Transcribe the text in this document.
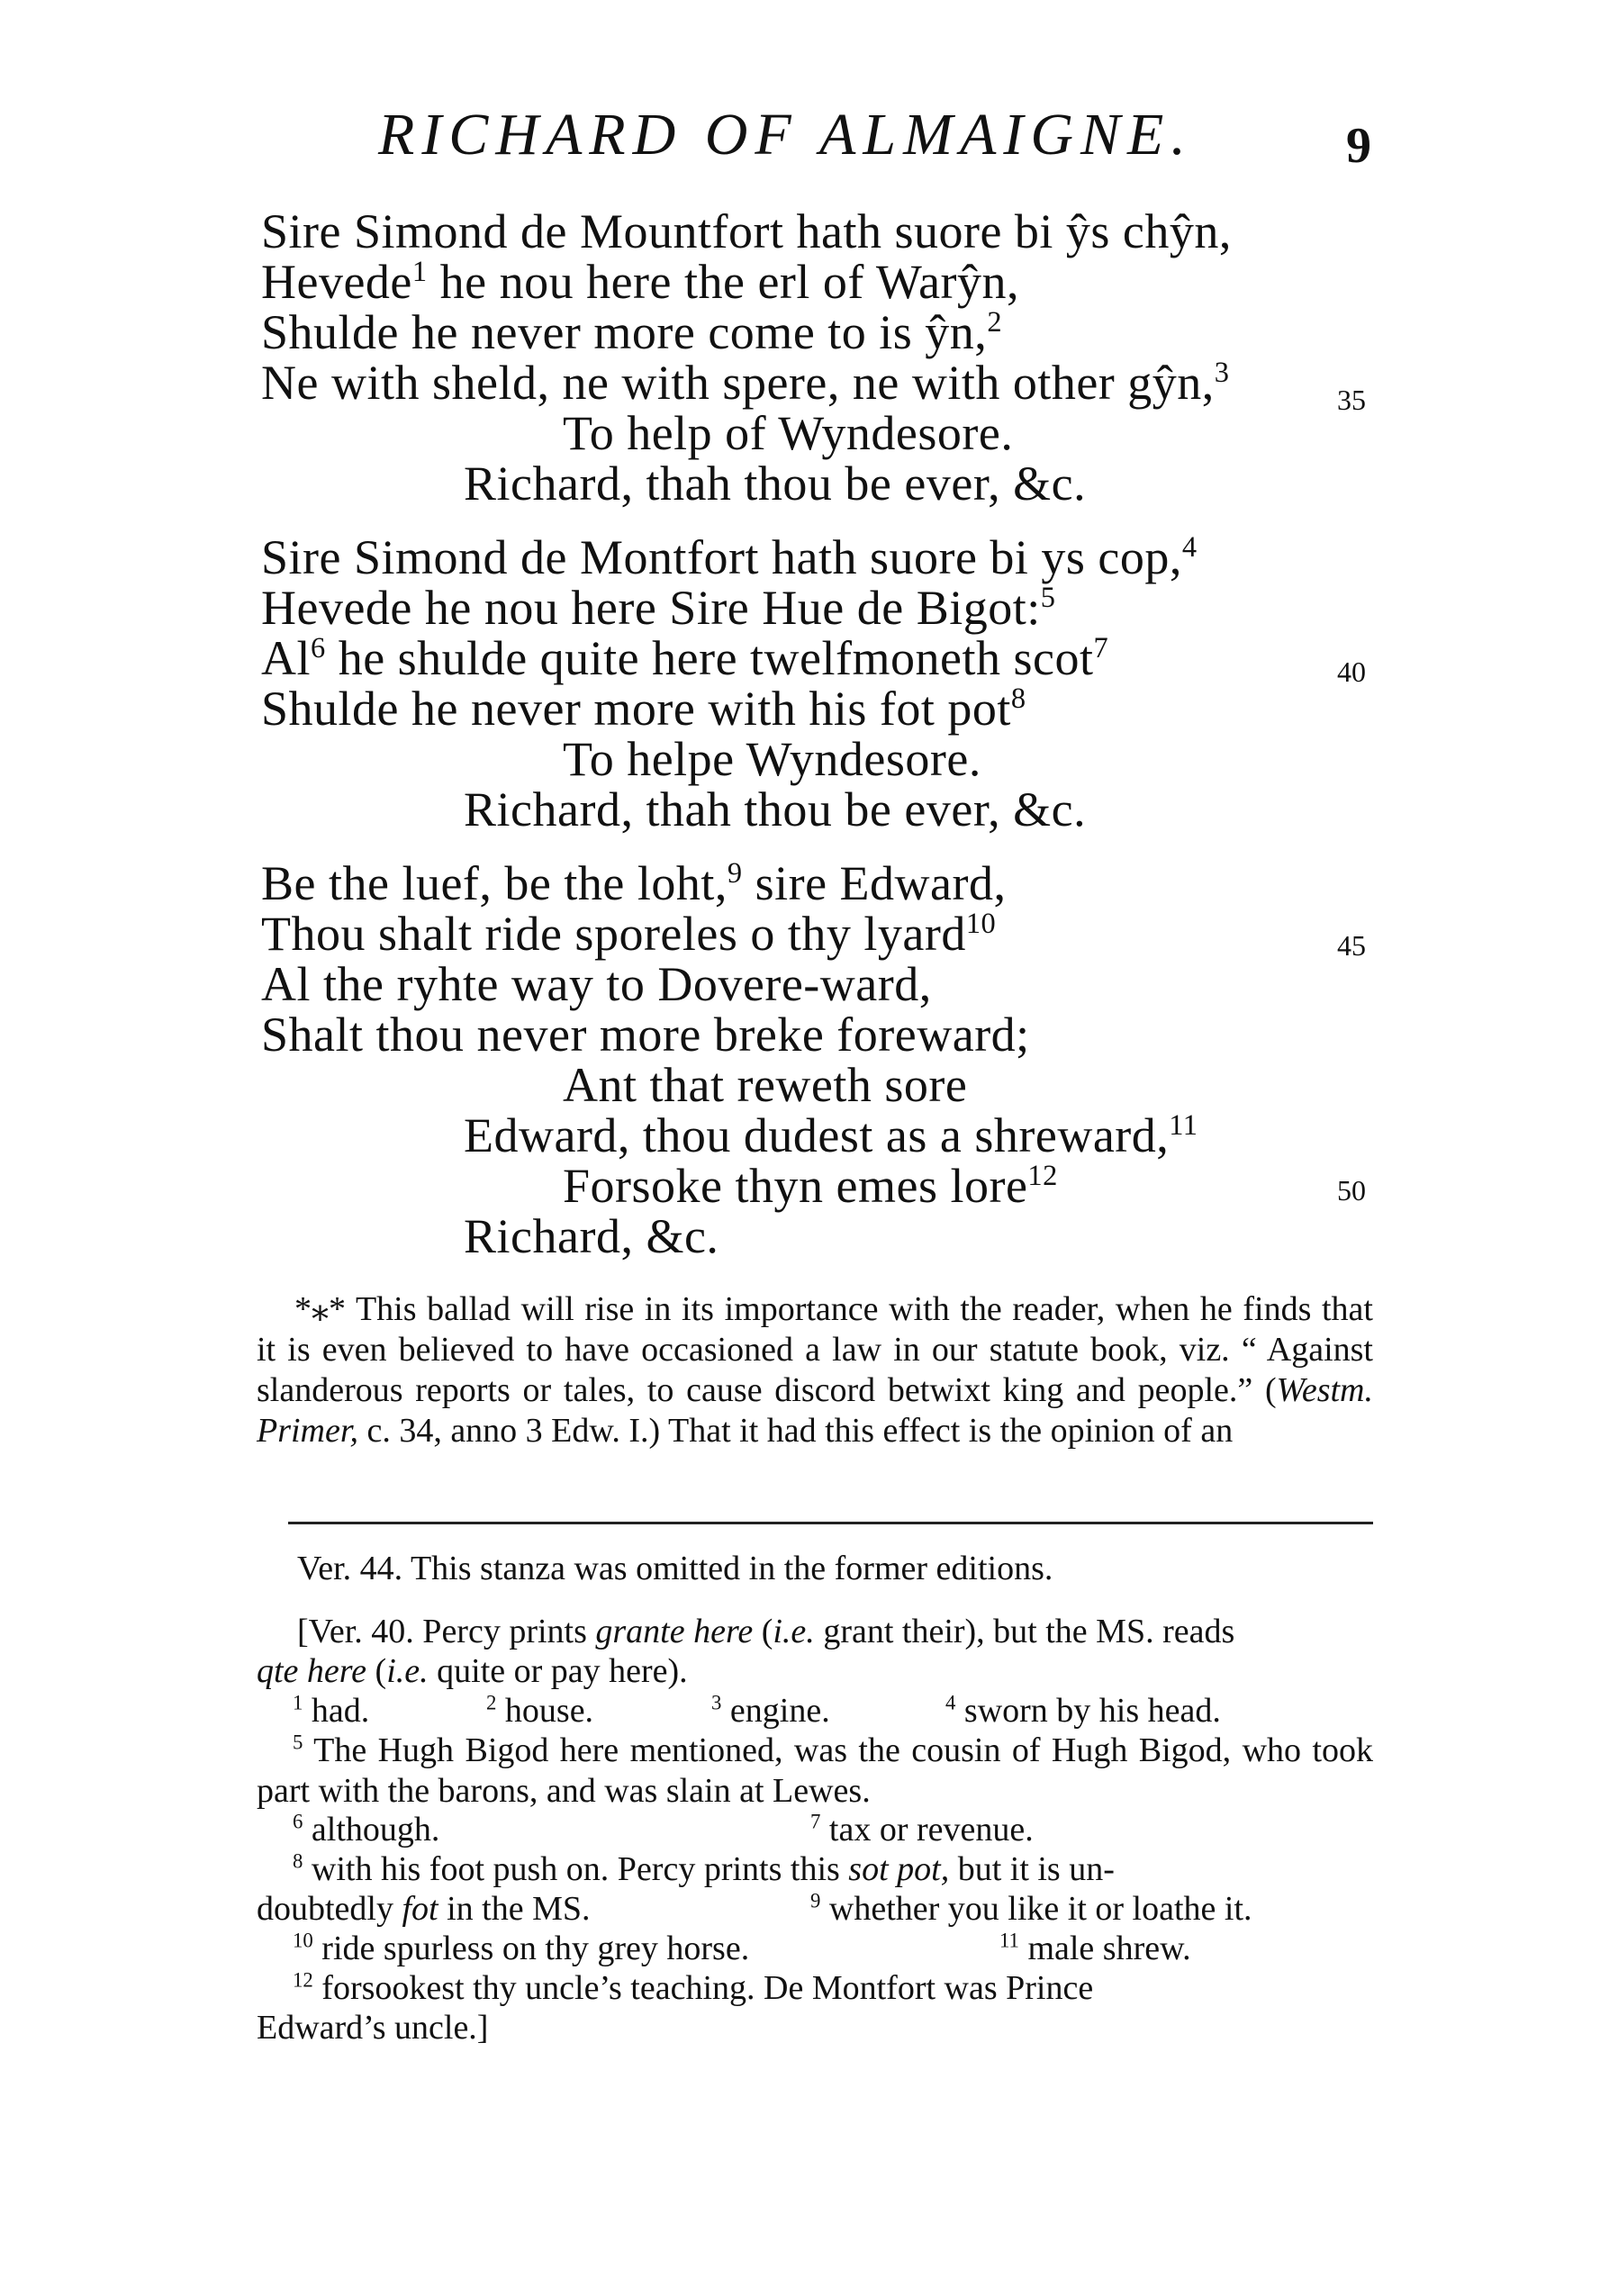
RICHARD OF ALMAIGNE.	9
Sire Simond de Mountfort hath suore bi ŷs chŷn,
Hevede$^1$ he nou here the erl of Warŷn,
Shulde he never more come to is ŷn,$^2$
Ne with sheld, ne with spere, ne with other gŷn,$^3$
35
To help of Wyndesore.
Richard, thah thou be ever, &c.
Sire Simond de Montfort hath suore bi ys cop,$^4$
Hevede he nou here Sire Hue de Bigot:$^5$
Al$^6$ he shulde quite here twelfmoneth scot$^7$
40
Shulde he never more with his fot pot$^8$
To helpe Wyndesore.
Richard, thah thou be ever, &c.
Be the luef, be the loht,$^9$ sire Edward,
Thou shalt ride sporeles o thy lyard$^{10}$
45
Al the ryhte way to Dovere-ward,
Shalt thou never more breke foreward;
Ant that reweth sore
Edward, thou dudest as a shreward,$^{11}$
Forsoke thyn emes lore$^{12}$	50
Richard, &c.

*⁎* This ballad will rise in its importance with the reader, when he finds that it is even believed to have occasioned a law in our statute book, viz. “ Against slanderous reports or tales, to cause discord betwixt king and people.” (Westm. Primer, c. 34, anno 3 Edw. I.) That it had this effect is the opinion of an

Ver. 44. This stanza was omitted in the former editions.
[Ver. 40. Percy prints grante here (i.e. grant their), but the MS. reads
qte here (i.e. quite or pay here).
$^1$ had.	$^2$ house.	$^3$ engine.	$^4$ sworn by his head.

$^5$ The Hugh Bigod here mentioned, was the cousin of Hugh Bigod, who took part with the barons, and was slain at Lewes.

$^6$ although.	$^7$ tax or revenue.
$^8$ with his foot push on. Percy prints this sot pot, but it is un-
doubtedly fot in the MS.	$^9$ whether you like it or loathe it.
$^{10}$ ride spurless on thy grey horse.	$^{11}$ male shrew.
$^{12}$ forsookest thy uncle’s teaching. De Montfort was Prince
Edward’s uncle.]
